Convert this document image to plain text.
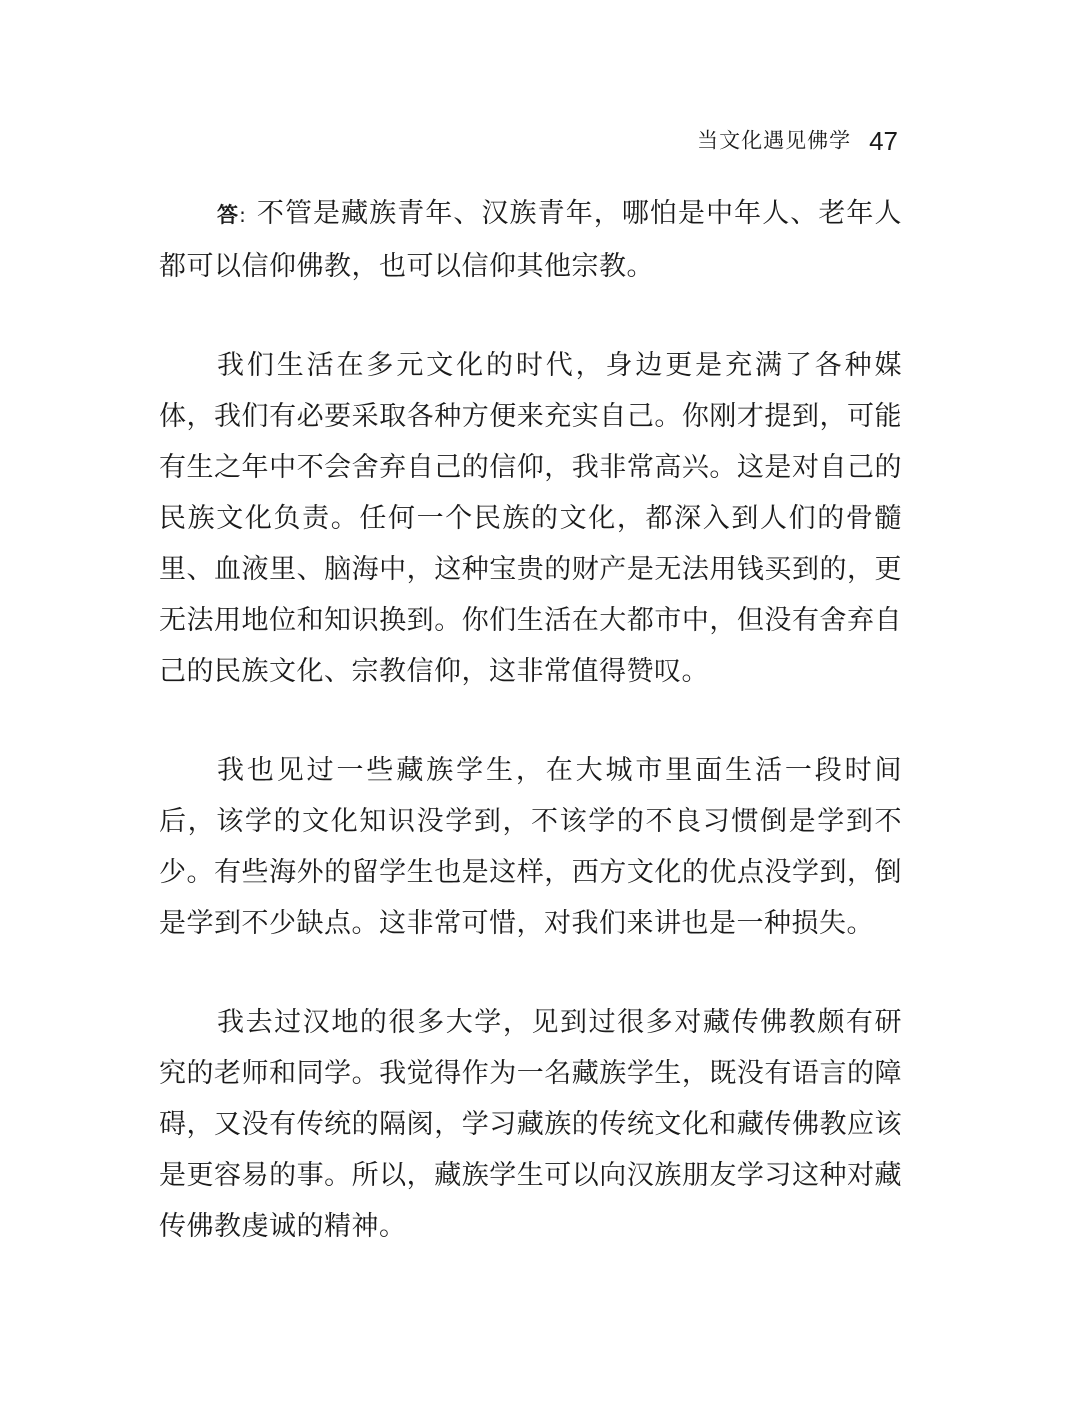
当文化遇见佛学 47

答: 不管是藏族青年、汉族青年，哪怕是中年人、老年人都可以信仰佛教，也可以信仰其他宗教。

我们生活在多元文化的时代，身边更是充满了各种媒体，我们有必要采取各种方便来充实自己。你刚才提到，可能有生之年中不会舍弃自己的信仰，我非常高兴。这是对自己的民族文化负责。任何一个民族的文化，都深入到人们的骨髓里、血液里、脑海中，这种宝贵的财产是无法用钱买到的，更无法用地位和知识换到。你们生活在大都市中，但没有舍弃自己的民族文化、宗教信仰，这非常值得赞叹。

我也见过一些藏族学生，在大城市里面生活一段时间后，该学的文化知识没学到，不该学的不良习惯倒是学到不少。有些海外的留学生也是这样，西方文化的优点没学到，倒是学到不少缺点。这非常可惜，对我们来讲也是一种损失。

我去过汉地的很多大学，见到过很多对藏传佛教颇有研究的老师和同学。我觉得作为一名藏族学生，既没有语言的障碍，又没有传统的隔阂，学习藏族的传统文化和藏传佛教应该是更容易的事。所以，藏族学生可以向汉族朋友学习这种对藏传佛教虔诚的精神。
